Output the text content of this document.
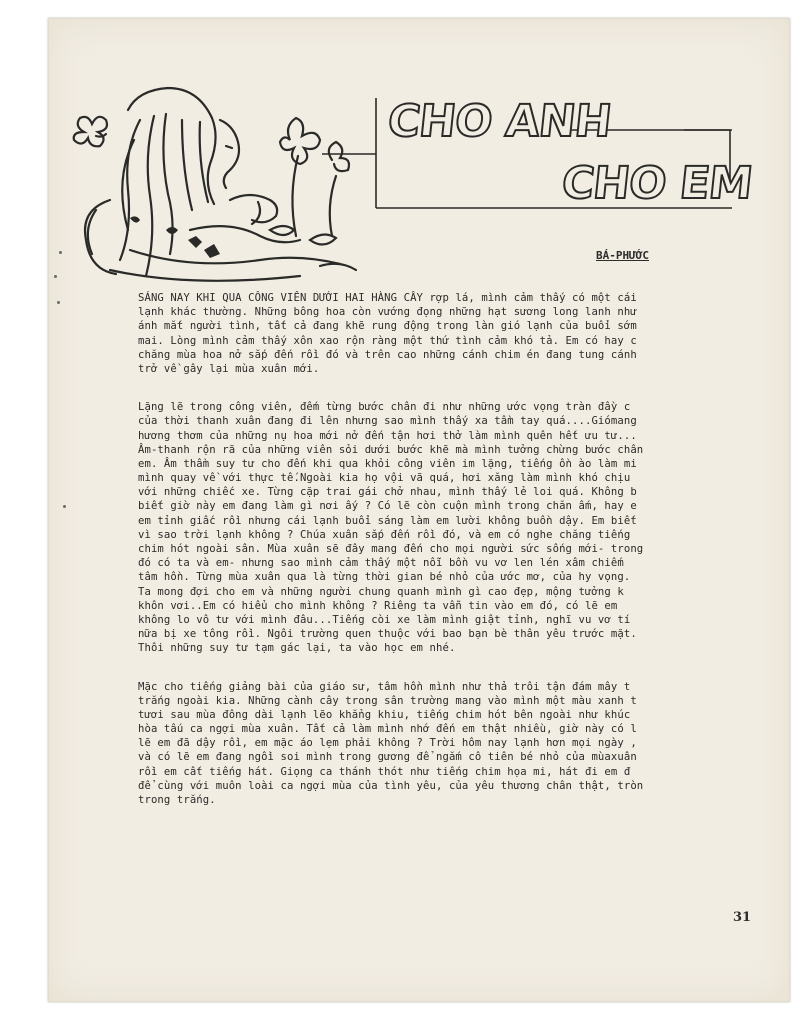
CHO ANH
CHO EM
BÁ-PHƯỚC
SÁNG NAY KHI QUA CÔNG VIÊN DƯỚI HAI HÀNG CÂY rợp lá, mình cảm thấy có một cái
lạnh khác thường. Những bông hoa còn vướng đọng những hạt sương long lanh như
ánh mắt người tình, tất cả đang khẽ rung động trong làn gió lạnh của buổi sớm
mai. Lòng mình cảm thấy xôn xao rộn ràng một thứ tình cảm khó tả. Em có hay c
chăng mùa hoa nở sắp đến rồi đó và trên cao những cánh chim én đang tung cánh
trở về gây lại mùa xuân mới.
Lặng lẽ trong công viên, đếm từng bước chân đi như những ước vọng tràn đầy c
của thời thanh xuân đang đi lên nhưng sao mình thấy xa tầm tay quá....Giómang
hương thơm của những nụ hoa mới nở đến tận hơi thở làm mình quên hết ưu tư...
Âm-thanh rộn rã của những viên sỏi dưới bước khẽ mà mình tưởng chừng bước chân
em. Âm thầm suy tư cho đến khi qua khỏi công viên im lặng, tiếng ồn ào làm mi
mình quay về với thực tế.Ngoài kia họ vội vã quá, hơi xăng làm mình khó chịu
với những chiếc xe. Từng cặp trai gái chở nhau, mình thấy lẻ loi quá. Không b
biết giờ này em đang làm gì nơi ấy ? Có lẽ còn cuộn mình trong chăn ấm, hay e
em tỉnh giấc rồi nhưng cái lạnh buổi sáng làm em lười không buồn dậy. Em biết
vì sao trời lạnh không ? Chúa xuân sắp đến rồi đó, và em có nghe chăng tiếng
chim hót ngoài sân. Mùa xuân sẽ đây mang đến cho mọi người sức sống mới- trong
đó có ta và em- nhưng sao mình cảm thấy một nỗi bồn vu vơ len lén xâm chiếm
tâm hồn. Từng mùa xuân qua là từng thời gian bé nhỏ của ước mơ, của hy vọng.
Ta mong đợi cho em và những người chung quanh mình gì cao đẹp, mộng tưởng k
khôn vơi..Em có hiểu cho mình không ? Riêng ta vẫn tin vào em đó, có lẽ em
không lo vô tư với mình đâu...Tiếng còi xe làm mình giật tỉnh, nghĩ vu vơ tí
nữa bị xe tông rồi. Ngôi trường quen thuộc với bao bạn bè thân yêu trước mặt.
Thôi những suy tư tạm gác lại, ta vào học em nhé.
Mặc cho tiếng giảng bài của giáo sư, tâm hồn mình như thả trôi tận đám mây t
trắng ngoài kia. Những cành cây trong sân trường mang vào mình một màu xanh t
tươi sau mùa đông dài lạnh lẽo khẳng khiu, tiếng chim hót bên ngoài như khúc
hòa tấu ca ngợi mùa xuân. Tất cả làm mình nhớ đến em thật nhiều, giờ này có l
lẽ em đã dậy rồi, em mặc áo lẹm phải không ? Trời hôm nay lạnh hơn mọi ngày ,
và có lẽ em đang ngồi soi mình trong gương để ngắm cô tiên bé nhỏ của mùaxuân
rồi em cất tiếng hát. Giọng ca thánh thót như tiếng chim họa mi, hát đi em đ
để cùng với muôn loài ca ngợi mùa của tình yêu, của yêu thương chân thật, tròn
trong trắng.
31
